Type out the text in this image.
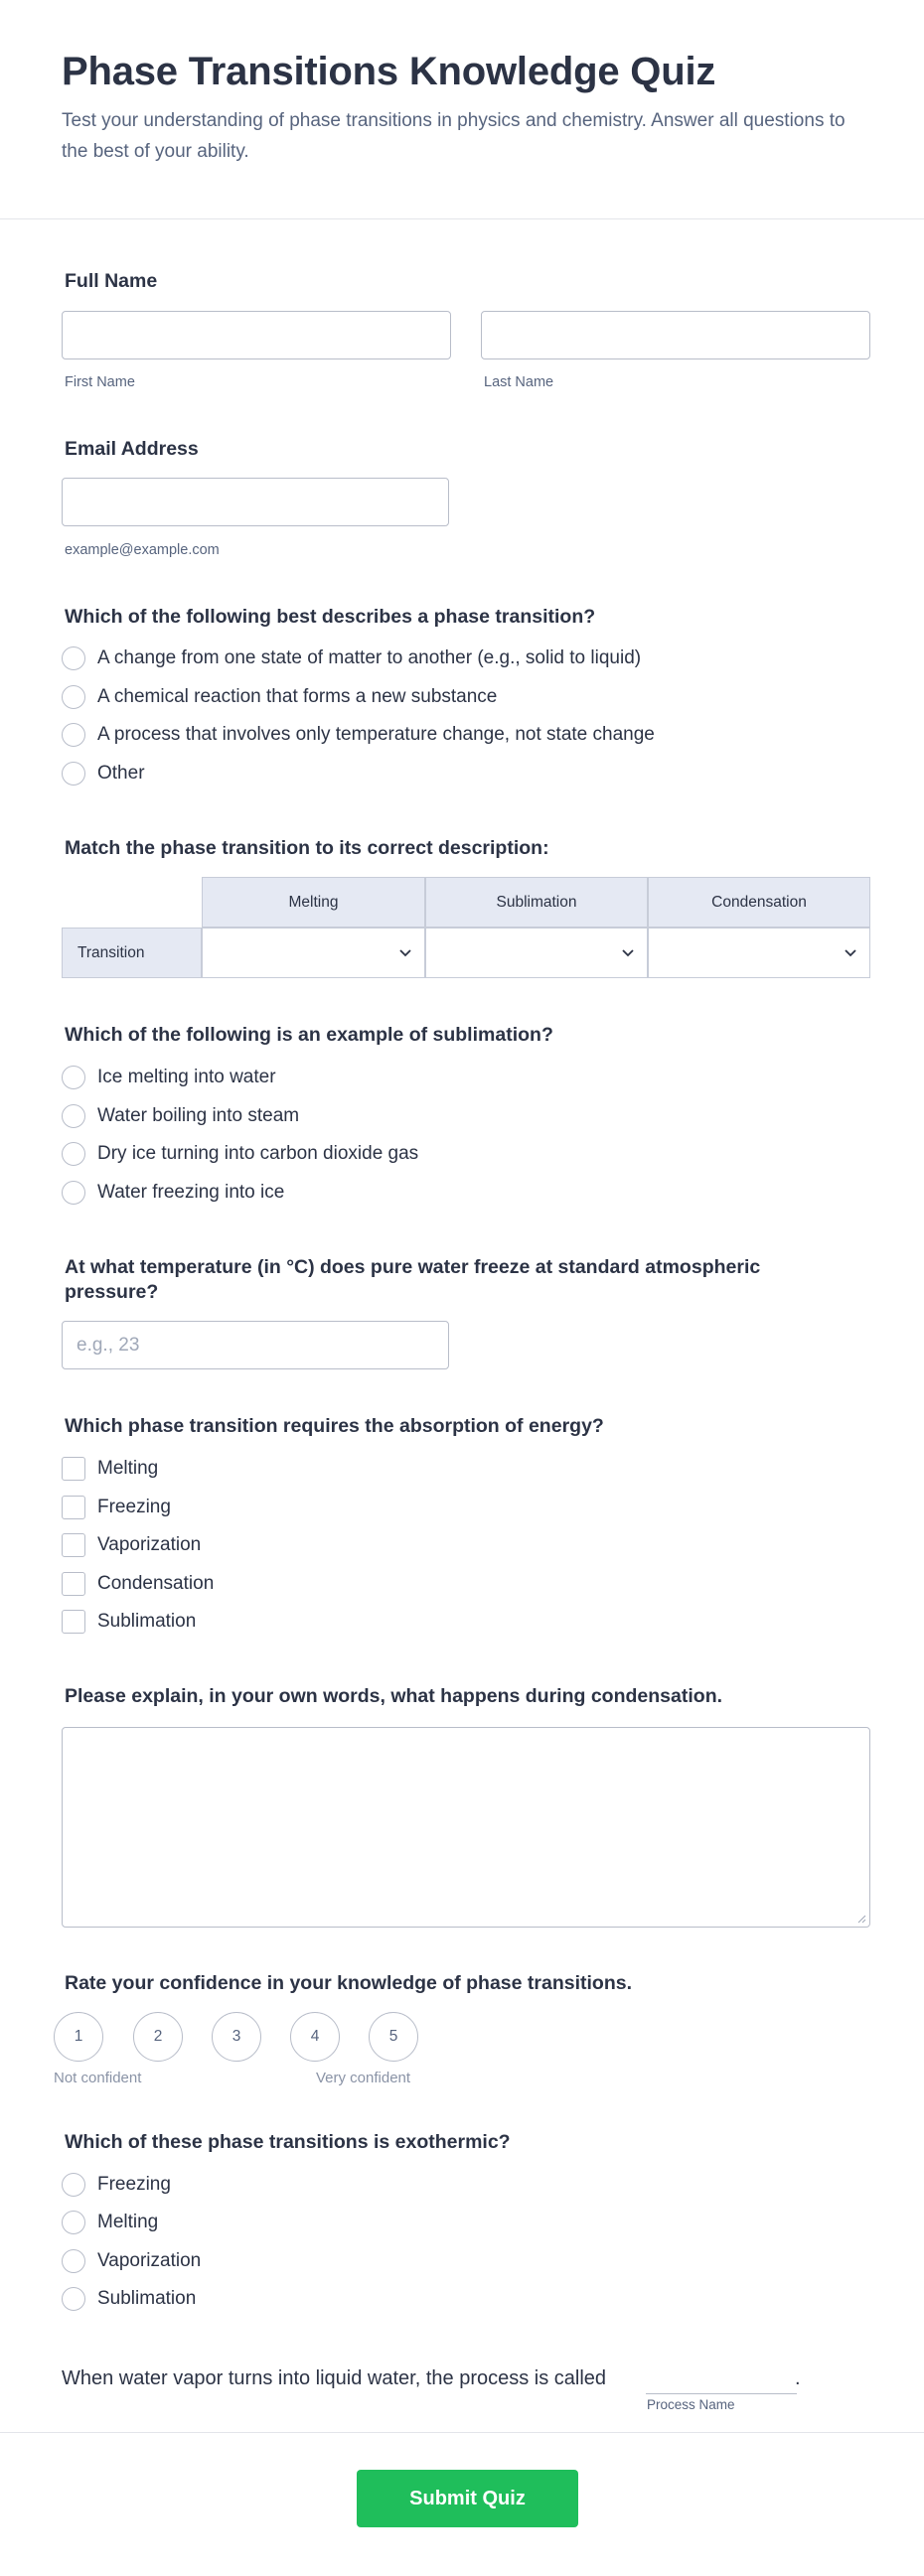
Phase Transitions Knowledge Quiz
Test your understanding of phase transitions in physics and chemistry. Answer all questions to the best of your ability.
Full Name
First Name	Last Name
Email Address
example@example.com
Which of the following best describes a phase transition?
A change from one state of matter to another (e.g., solid to liquid)
A chemical reaction that forms a new substance
A process that involves only temperature change, not state change
Other
Match the phase transition to its correct description:
Melting	Sublimation	Condensation
Transition
Which of the following is an example of sublimation?
Ice melting into water
Water boiling into steam
Dry ice turning into carbon dioxide gas
Water freezing into ice
At what temperature (in °C) does pure water freeze at standard atmospheric
pressure?
e.g., 23
Which phase transition requires the absorption of energy?
Melting
Freezing
Vaporization
Condensation
Sublimation
Please explain, in your own words, what happens during condensation.
Rate your confidence in your knowledge of phase transitions.
1	2	3	4	5
Not confident	Very confident
Which of these phase transitions is exothermic?
Freezing
Melting
Vaporization
Sublimation
When water vapor turns into liquid water, the process is called	.
Process Name
Submit Quiz
